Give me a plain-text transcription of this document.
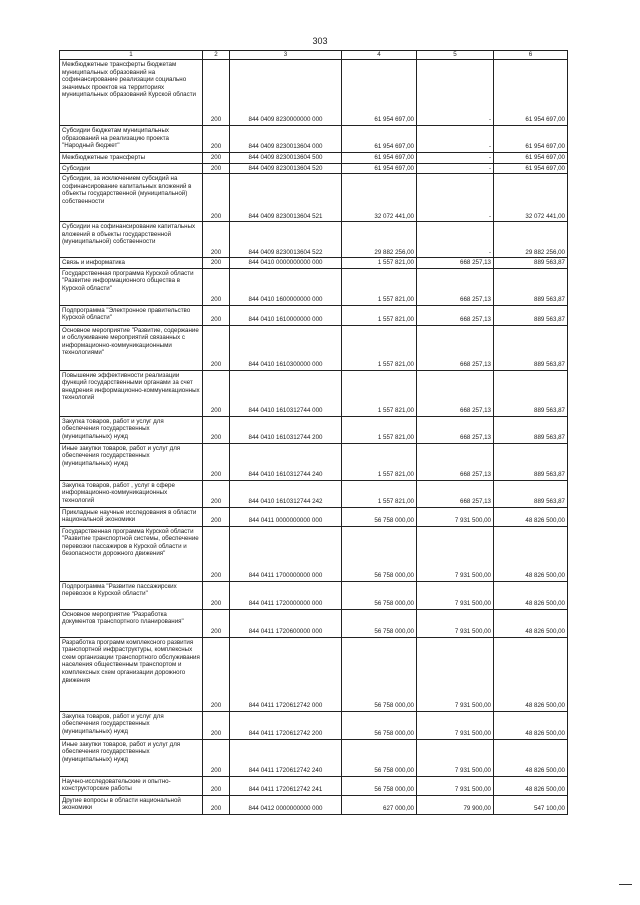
303
1	2	3	4	5	6
Межбюджетные трансферты бюджетам муниципальных образований на софинансирование реализации социально значимых проектов на территориях муниципальных образований Курской области	200	844 0409 8230000000 000	61 954 697,00	-	61 954 697,00
Субсидии бюджетам муниципальных образований на реализацию проекта "Народный бюджет"	200	844 0409 8230013604 000	61 954 697,00	-	61 954 697,00
Межбюджетные трансферты	200	844 0409 8230013604 500	61 954 697,00	-	61 954 697,00
Субсидии	200	844 0409 8230013604 520	61 954 697,00	-	61 954 697,00
Субсидии, за исключением субсидий на софинансирование капитальных вложений в объекты государственной (муниципальной) собственности	200	844 0409 8230013604 521	32 072 441,00	-	32 072 441,00
Субсидии на софинансирование капитальных вложений в объекты государственной (муниципальной) собственности	200	844 0409 8230013604 522	29 882 256,00	-	29 882 256,00
Связь и информатика	200	844 0410 0000000000 000	1 557 821,00	668 257,13	889 563,87
Государственная программа Курской области "Развитие информационного общества в Курской области"	200	844 0410 1600000000 000	1 557 821,00	668 257,13	889 563,87
Подпрограмма "Электронное правительство Курской области"	200	844 0410 1610000000 000	1 557 821,00	668 257,13	889 563,87
Основное мероприятие "Развитие, содержание и обслуживание мероприятий связанных с информационно-коммуникационными технологиями"	200	844 0410 1610300000 000	1 557 821,00	668 257,13	889 563,87
Повышение эффективности реализации функций государственными органами за счет внедрения информационно-коммуникационных технологий	200	844 0410 1610312744 000	1 557 821,00	668 257,13	889 563,87
Закупка товаров, работ и услуг для обеспечения государственных (муниципальных) нужд	200	844 0410 1610312744 200	1 557 821,00	668 257,13	889 563,87
Иные закупки товаров, работ и услуг для обеспечения государственных (муниципальных) нужд	200	844 0410 1610312744 240	1 557 821,00	668 257,13	889 563,87
Закупка товаров, работ , услуг в сфере информационно-коммуникационных технологий	200	844 0410 1610312744 242	1 557 821,00	668 257,13	889 563,87
Прикладные научные исследования в области национальной экономики	200	844 0411 0000000000 000	56 758 000,00	7 931 500,00	48 826 500,00
Государственная программа Курской области "Развитие транспортной системы, обеспечение перевозки пассажиров в Курской области и безопасности дорожного движения"	200	844 0411 1700000000 000	56 758 000,00	7 931 500,00	48 826 500,00
Подпрограмма "Развитие пассажирских перевозок в Курской области"	200	844 0411 1720000000 000	56 758 000,00	7 931 500,00	48 826 500,00
Основное мероприятие "Разработка документов транспортного планирования"	200	844 0411 1720600000 000	56 758 000,00	7 931 500,00	48 826 500,00
Разработка программ комплексного развития транспортной инфраструктуры, комплексных схем организации транспортного обслуживания населения общественным транспортом и комплексных схем организации дорожного движения	200	844 0411 1720612742 000	56 758 000,00	7 931 500,00	48 826 500,00
Закупка товаров, работ и услуг для обеспечения государственных (муниципальных) нужд	200	844 0411 1720612742 200	56 758 000,00	7 931 500,00	48 826 500,00
Иные закупки товаров, работ и услуг для обеспечения государственных (муниципальных) нужд	200	844 0411 1720612742 240	56 758 000,00	7 931 500,00	48 826 500,00
Научно-исследовательские и опытно-конструкторские работы	200	844 0411 1720612742 241	56 758 000,00	7 931 500,00	48 826 500,00
Другие вопросы в области национальной экономики	200	844 0412 0000000000 000	627 000,00	79 900,00	547 100,00
